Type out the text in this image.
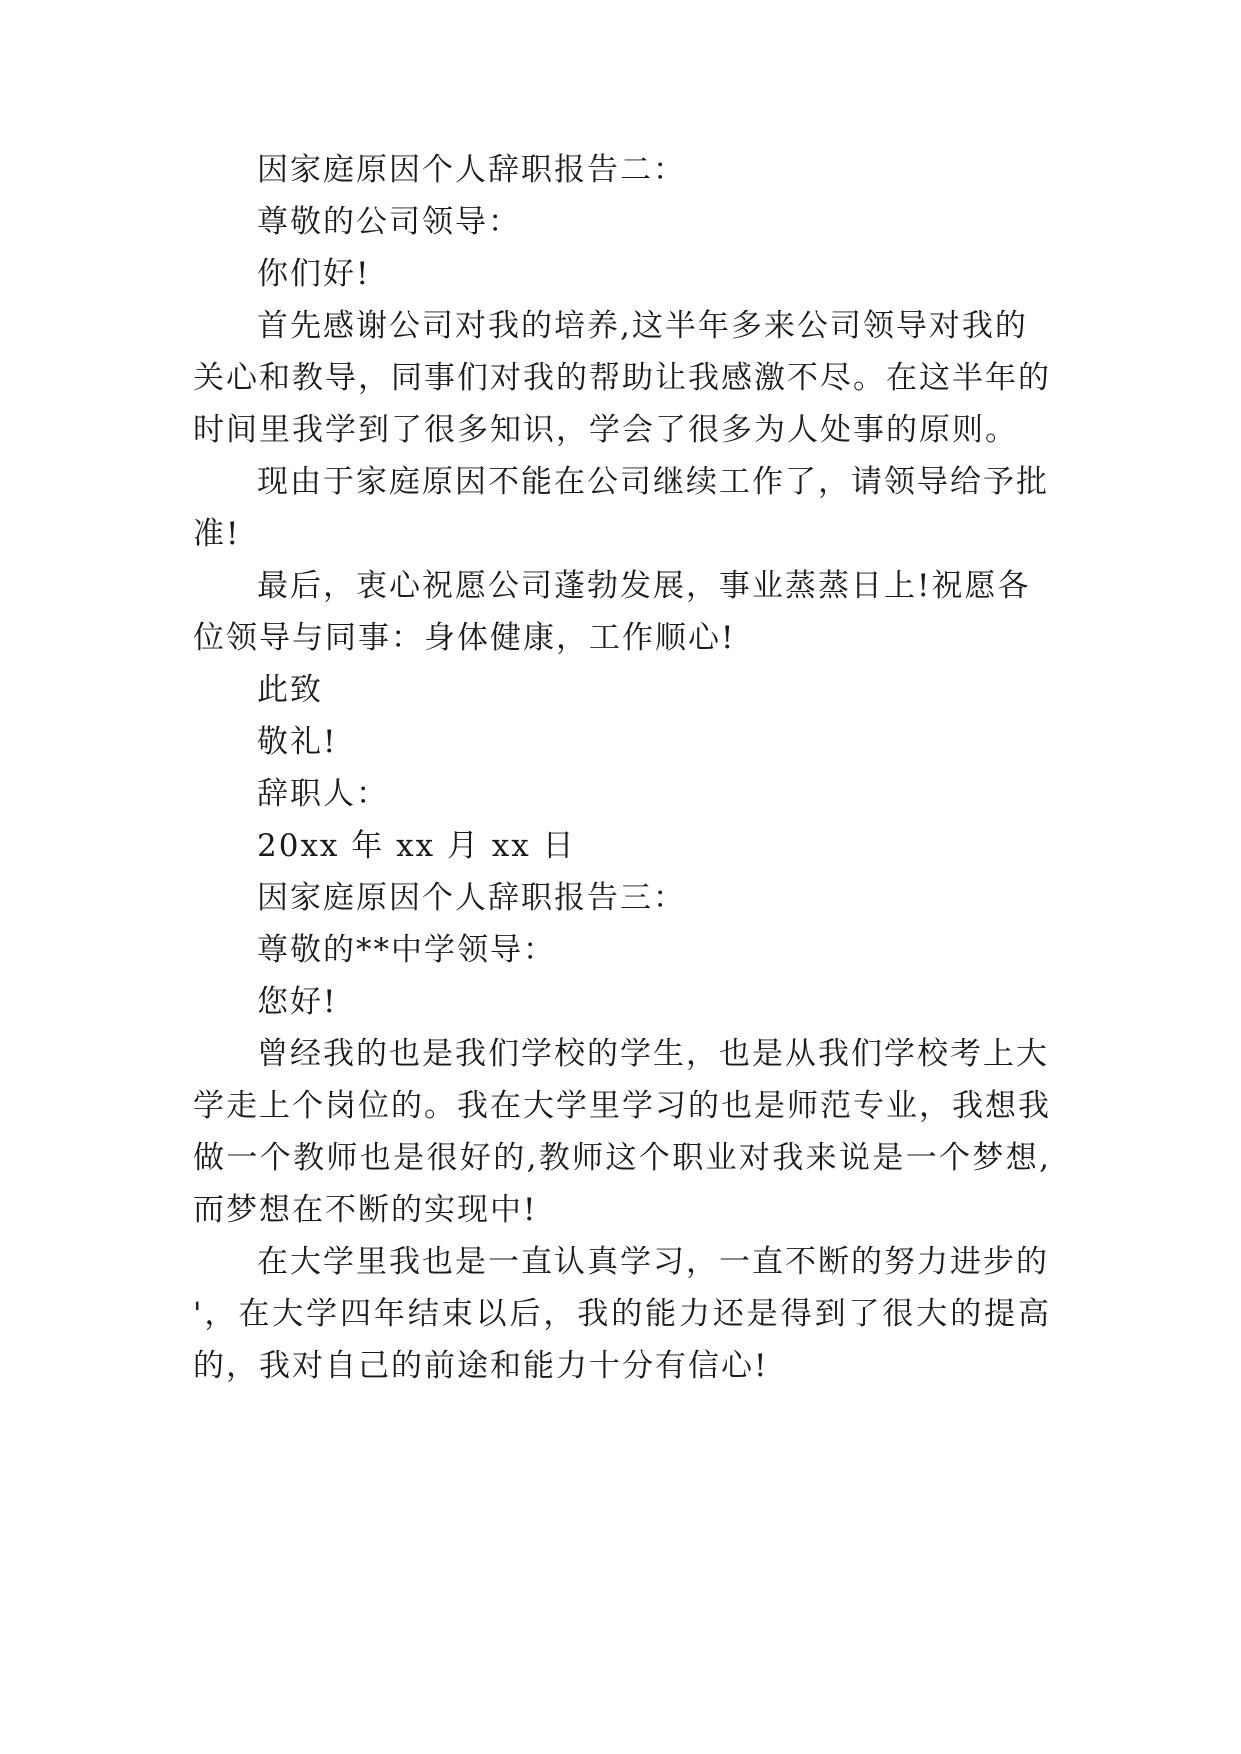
因家庭原因个人辞职报告二：
尊敬的公司领导：
你们好!
首先感谢公司对我的培养,这半年多来公司领导对我的
关心和教导，同事们对我的帮助让我感激不尽。在这半年的
时间里我学到了很多知识，学会了很多为人处事的原则。
现由于家庭原因不能在公司继续工作了，请领导给予批
准!
最后，衷心祝愿公司蓬勃发展，事业蒸蒸日上!祝愿各
位领导与同事：身体健康，工作顺心!
此致
敬礼!
辞职人：
20xx 年 xx 月 xx 日
因家庭原因个人辞职报告三：
尊敬的**中学领导：
您好!
曾经我的也是我们学校的学生，也是从我们学校考上大
学走上个岗位的。我在大学里学习的也是师范专业，我想我
做一个教师也是很好的,教师这个职业对我来说是一个梦想,
而梦想在不断的实现中!
在大学里我也是一直认真学习，一直不断的努力进步的
'，在大学四年结束以后，我的能力还是得到了很大的提高
的，我对自己的前途和能力十分有信心!
